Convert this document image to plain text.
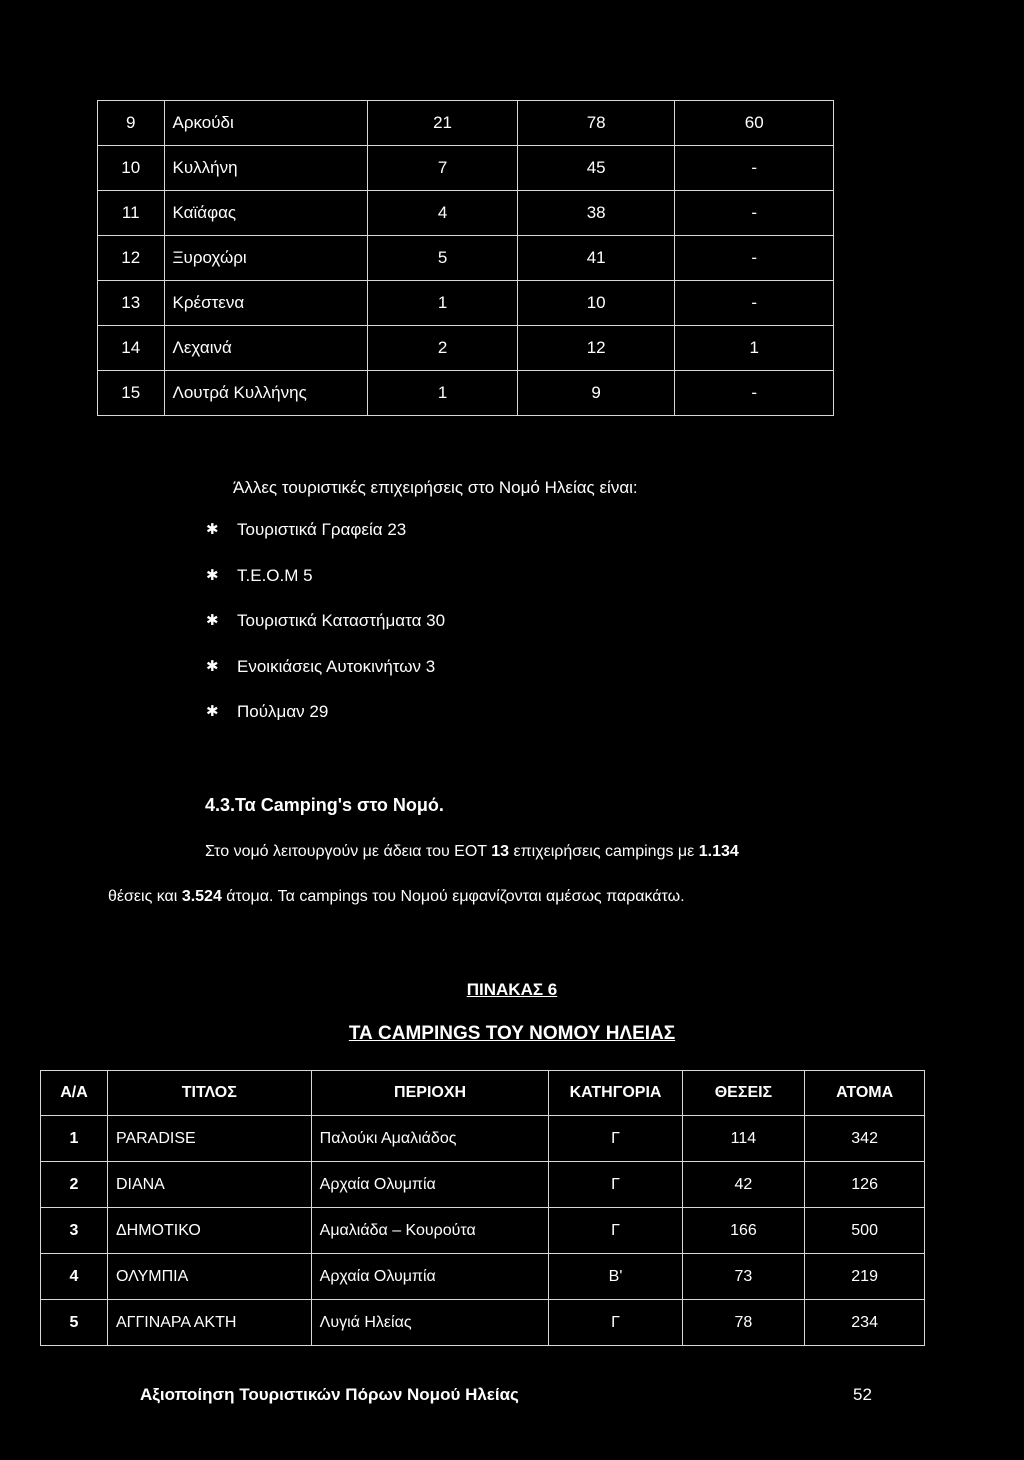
9	Αρκούδι	21	78	60
10	Κυλλήνη	7	45	-
11	Καϊάφας	4	38	-
12	Ξυροχώρι	5	41	-
13	Κρέστενα	1	10	-
14	Λεχαινά	2	12	1
15	Λουτρά Κυλλήνης	1	9	-
Άλλες τουριστικές επιχειρήσεις στο Νομό Ηλείας είναι:
✱	Τουριστικά Γραφεία 23
✱	Τ.Ε.Ο.Μ 5
✱	Τουριστικά Καταστήματα 30
✱	Ενοικιάσεις Αυτοκινήτων 3
✱	Πούλμαν 29
4.3.Τα Camping's στο Νομό.
Στο νομό λειτουργούν με άδεια του ΕΟΤ 13 επιχειρήσεις campings με 1.134
θέσεις και 3.524 άτομα. Τα campings του Νομού εμφανίζονται αμέσως παρακάτω.
ΠΙΝΑΚΑΣ 6
ΤΑ CAMPINGS ΤΟΥ ΝΟΜΟΥ ΗΛΕΙΑΣ
Α/Α	ΤΙΤΛΟΣ	ΠΕΡΙΟΧΗ	ΚΑΤΗΓΟΡΙΑ	ΘΕΣΕΙΣ	ΑΤΟΜΑ
1	PARADISE	Παλούκι Αμαλιάδος	Γ	114	342
2	DIANA	Αρχαία Ολυμπία	Γ	42	126
3	ΔΗΜΟΤΙΚΟ	Αμαλιάδα – Κουρούτα	Γ	166	500
4	ΟΛΥΜΠΙΑ	Αρχαία Ολυμπία	Β'	73	219
5	ΑΓΓΙΝΑΡΑ ΑΚΤΗ	Λυγιά Ηλείας	Γ	78	234
Αξιοποίηση Τουριστικών Πόρων Νομού Ηλείας	52
